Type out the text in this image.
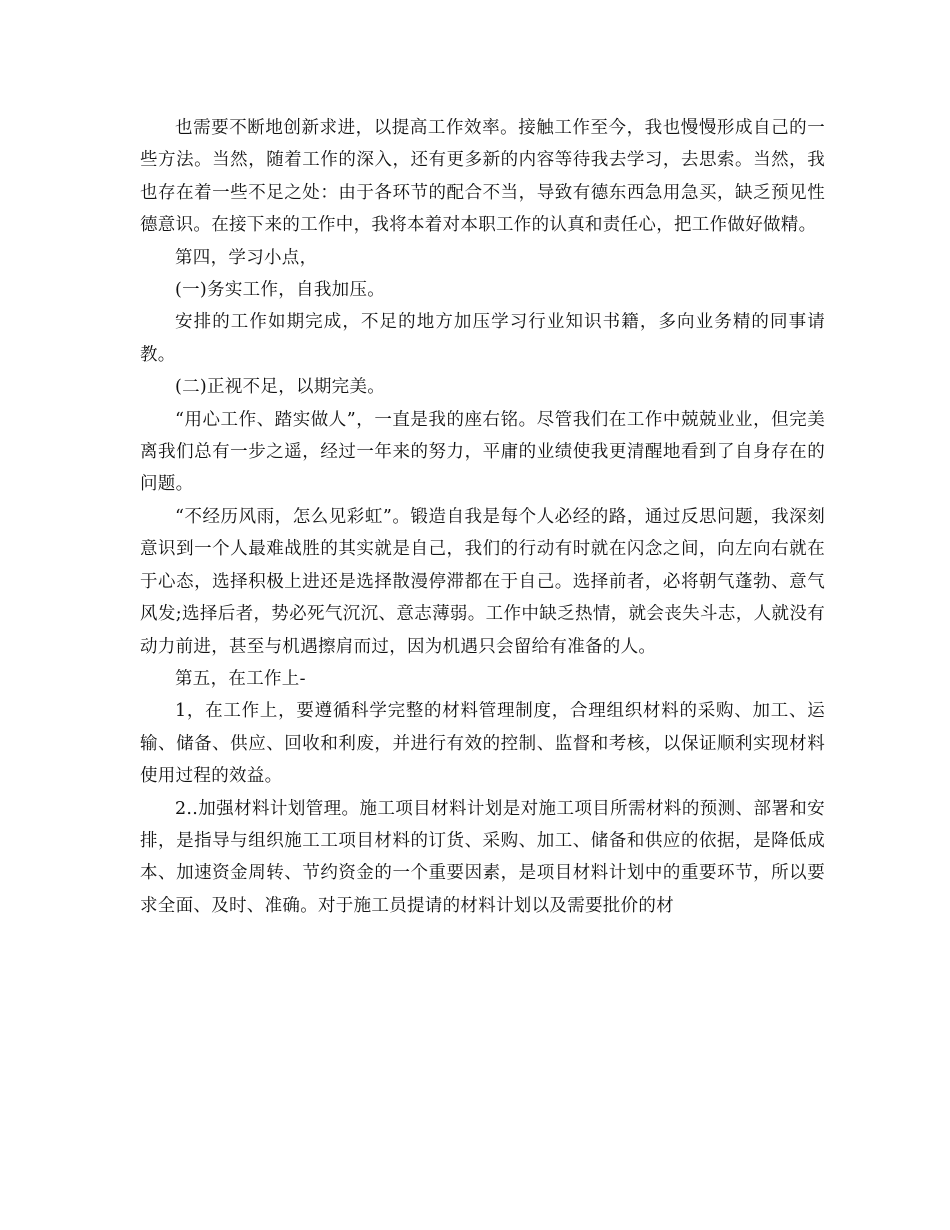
也需要不断地创新求进，以提高工作效率。接触工作至今，我也慢慢形成自己的一些方法。当然，随着工作的深入，还有更多新的内容等待我去学习，去思索。当然，我也存在着一些不足之处：由于各环节的配合不当，导致有德东西急用急买，缺乏预见性德意识。在接下来的工作中，我将本着对本职工作的认真和责任心，把工作做好做精。

第四，学习小点，

(一)务实工作，自我加压。

安排的工作如期完成，不足的地方加压学习行业知识书籍，多向业务精的同事请教。

(二)正视不足，以期完美。

“用心工作、踏实做人”，一直是我的座右铭。尽管我们在工作中兢兢业业，但完美离我们总有一步之遥，经过一年来的努力，平庸的业绩使我更清醒地看到了自身存在的问题。

“不经历风雨，怎么见彩虹”。锻造自我是每个人必经的路，通过反思问题，我深刻意识到一个人最难战胜的其实就是自己，我们的行动有时就在闪念之间，向左向右就在于心态，选择积极上进还是选择散漫停滞都在于自己。选择前者，必将朝气蓬勃、意气风发;选择后者，势必死气沉沉、意志薄弱。工作中缺乏热情，就会丧失斗志，人就没有动力前进，甚至与机遇擦肩而过，因为机遇只会留给有准备的人。

第五，在工作上-

1，在工作上，要遵循科学完整的材料管理制度，合理组织材料的采购、加工、运输、储备、供应、回收和利废，并进行有效的控制、监督和考核，以保证顺利实现材料使用过程的效益。

2..加强材料计划管理。施工项目材料计划是对施工项目所需材料的预测、部署和安排，是指导与组织施工工项目材料的订货、采购、加工、储备和供应的依据，是降低成本、加速资金周转、节约资金的一个重要因素，是项目材料计划中的重要环节，所以要求全面、及时、准确。对于施工员提请的材料计划以及需要批价的材
